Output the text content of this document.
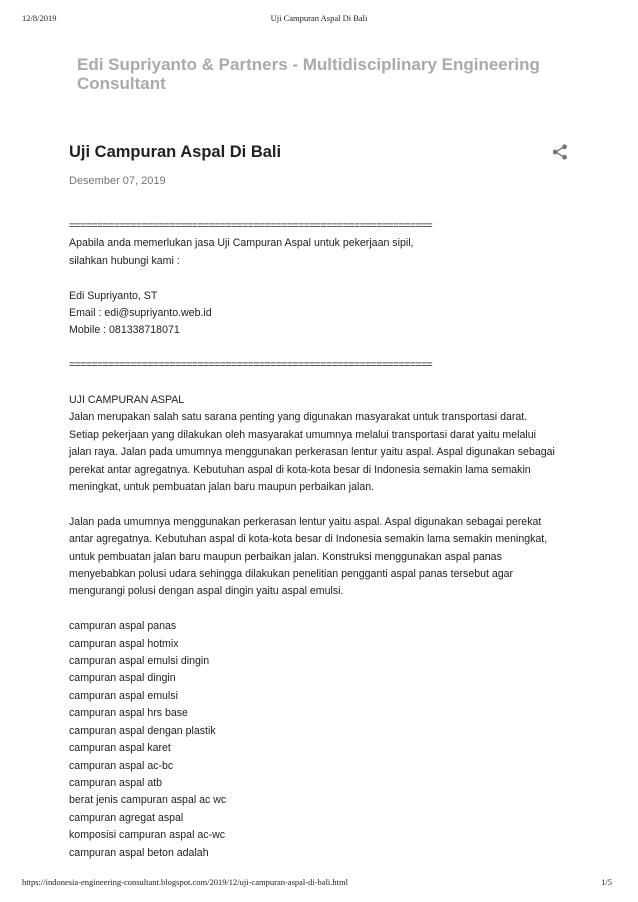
12/8/2019	Uji Campuran Aspal Di Bali
Edi Supriyanto & Partners - Multidisciplinary Engineering Consultant
Uji Campuran Aspal Di Bali
Desember 07, 2019

=================================================================

Apabila anda memerlukan jasa Uji Campuran Aspal untuk pekerjaan sipil,

silahkan hubungi kami :

Edi Supriyanto, ST

Email : edi@supriyanto.web.id

Mobile : 081338718071

=================================================================

UJI CAMPURAN ASPAL

Jalan merupakan salah satu sarana penting yang digunakan masyarakat untuk transportasi darat.

Setiap pekerjaan yang dilakukan oleh masyarakat umumnya melalui transportasi darat yaitu melalui

jalan raya. Jalan pada umumnya menggunakan perkerasan lentur yaitu aspal. Aspal digunakan sebagai

perekat antar agregatnya. Kebutuhan aspal di kota-kota besar di Indonesia semakin lama semakin

meningkat, untuk pembuatan jalan baru maupun perbaikan jalan.

Jalan pada umumnya menggunakan perkerasan lentur yaitu aspal. Aspal digunakan sebagai perekat

antar agregatnya. Kebutuhan aspal di kota-kota besar di Indonesia semakin lama semakin meningkat,

untuk pembuatan jalan baru maupun perbaikan jalan. Konstruksi menggunakan aspal panas

menyebabkan polusi udara sehingga dilakukan penelitian pengganti aspal panas tersebut agar

mengurangi polusi dengan aspal dingin yaitu aspal emulsi.

campuran aspal panas
campuran aspal hotmix
campuran aspal emulsi dingin
campuran aspal dingin
campuran aspal emulsi
campuran aspal hrs base
campuran aspal dengan plastik
campuran aspal karet
campuran aspal ac-bc
campuran aspal atb
berat jenis campuran aspal ac wc
campuran agregat aspal
komposisi campuran aspal ac-wc
campuran aspal beton adalah
https://indonesia-engineering-consultant.blogspot.com/2019/12/uji-campuran-aspal-di-bali.html	1/5
